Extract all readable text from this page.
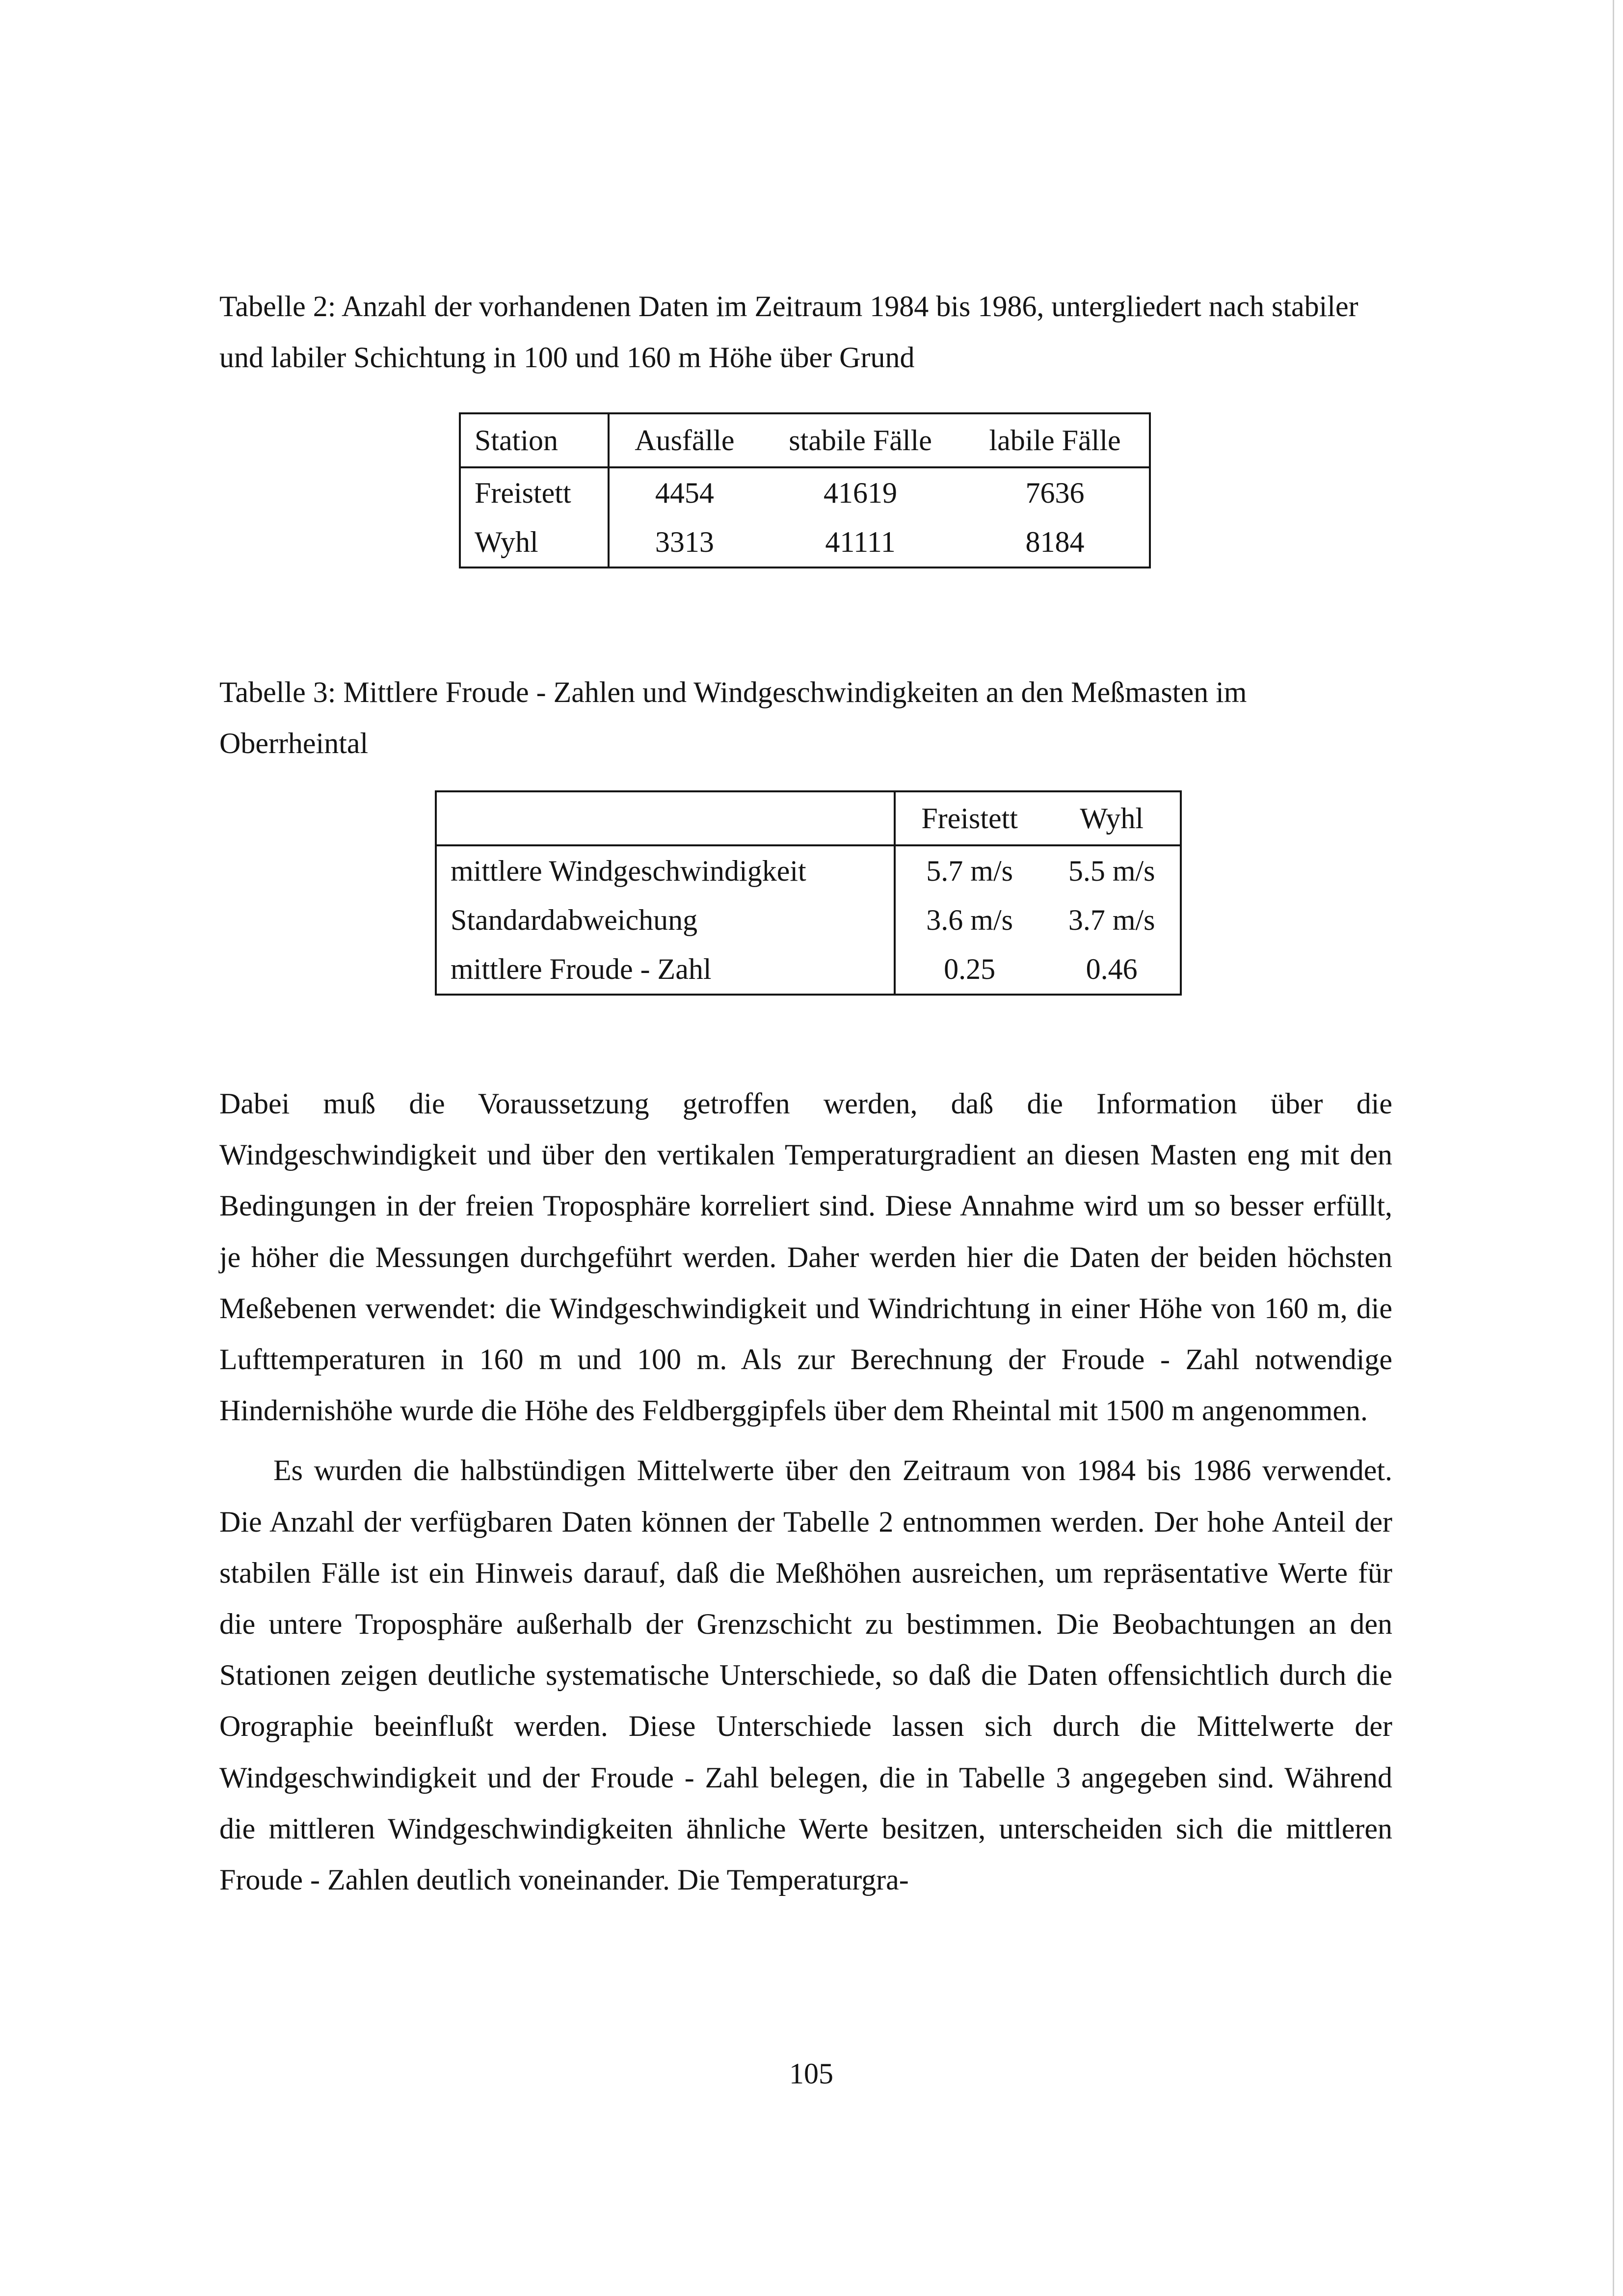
Tabelle 2: Anzahl der vorhandenen Daten im Zeitraum 1984 bis 1986, untergliedert nach stabiler und labiler Schichtung in 100 und 160 m Höhe über Grund

Station	Ausfälle	stabile Fälle	labile Fälle
Freistett	4454	41619	7636
Wyhl	3313	41111	8184

Tabelle 3: Mittlere Froude - Zahlen und Windgeschwindigkeiten an den Meßmasten im Oberrheintal

	Freistett	Wyhl
mittlere Windgeschwindigkeit	5.7 m/s	5.5 m/s
Standardabweichung	3.6 m/s	3.7 m/s
mittlere Froude - Zahl	0.25	0.46

Dabei muß die Voraussetzung getroffen werden, daß die Information über die Windgeschwindigkeit und über den vertikalen Temperaturgradient an diesen Masten eng mit den Bedingungen in der freien Troposphäre korreliert sind. Diese Annahme wird um so besser erfüllt, je höher die Messungen durchgeführt werden. Daher werden hier die Daten der beiden höchsten Meßebenen verwendet: die Windgeschwindigkeit und Windrichtung in einer Höhe von 160 m, die Lufttemperaturen in 160 m und 100 m. Als zur Berechnung der Froude - Zahl notwendige Hindernishöhe wurde die Höhe des Feldberggipfels über dem Rheintal mit 1500 m angenommen.

Es wurden die halbstündigen Mittelwerte über den Zeitraum von 1984 bis 1986 verwendet. Die Anzahl der verfügbaren Daten können der Tabelle 2 entnommen werden. Der hohe Anteil der stabilen Fälle ist ein Hinweis darauf, daß die Meßhöhen ausreichen, um repräsentative Werte für die untere Troposphäre außerhalb der Grenzschicht zu bestimmen. Die Beobachtungen an den Stationen zeigen deutliche systematische Unterschiede, so daß die Daten offensichtlich durch die Orographie beeinflußt werden. Diese Unterschiede lassen sich durch die Mittelwerte der Windgeschwindigkeit und der Froude - Zahl belegen, die in Tabelle 3 angegeben sind. Während die mittleren Windgeschwindigkeiten ähnliche Werte besitzen, unterscheiden sich die mittleren Froude - Zahlen deutlich voneinander. Die Temperaturgra-

105
